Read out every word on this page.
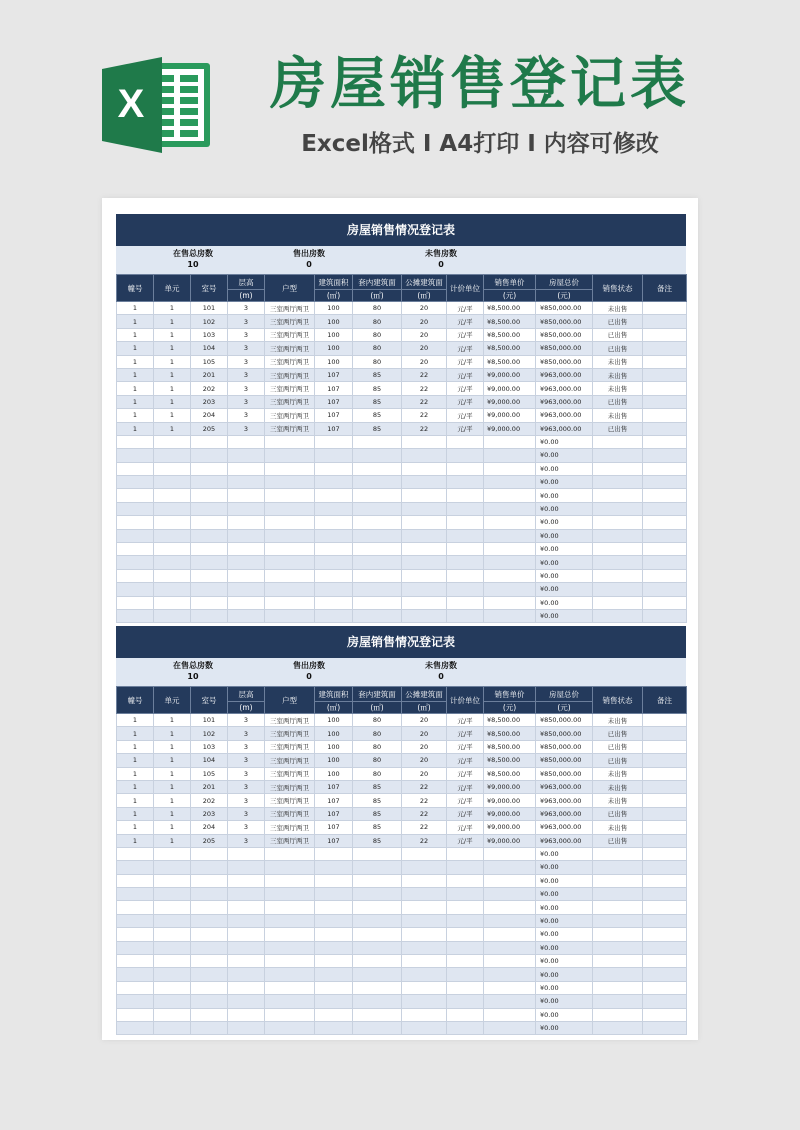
X	房屋销售登记表
Excel格式 Ⅰ A4打印 Ⅰ 内容可修改
房屋销售情况登记表
在售总房数
10
售出房数
0
未售房数
0
幢号	单元	室号	层高	户型	建筑面积	套内建筑面	公摊建筑面	计价单位	销售单价	房屋总价	销售状态	备注
			(m)		(㎡)	(㎡)	(㎡)		(元)	(元)		
1	1	101	3	三室两厅两卫	100	80	20	元/平	¥8,500.00	¥850,000.00	未出售	
1	1	102	3	三室两厅两卫	100	80	20	元/平	¥8,500.00	¥850,000.00	已出售	
1	1	103	3	三室两厅两卫	100	80	20	元/平	¥8,500.00	¥850,000.00	已出售	
1	1	104	3	三室两厅两卫	100	80	20	元/平	¥8,500.00	¥850,000.00	已出售	
1	1	105	3	三室两厅两卫	100	80	20	元/平	¥8,500.00	¥850,000.00	未出售	
1	1	201	3	三室两厅两卫	107	85	22	元/平	¥9,000.00	¥963,000.00	未出售	
1	1	202	3	三室两厅两卫	107	85	22	元/平	¥9,000.00	¥963,000.00	未出售	
1	1	203	3	三室两厅两卫	107	85	22	元/平	¥9,000.00	¥963,000.00	已出售	
1	1	204	3	三室两厅两卫	107	85	22	元/平	¥9,000.00	¥963,000.00	未出售	
1	1	205	3	三室两厅两卫	107	85	22	元/平	¥9,000.00	¥963,000.00	已出售	
										¥0.00		
										¥0.00		
										¥0.00		
										¥0.00		
										¥0.00		
										¥0.00		
										¥0.00		
										¥0.00		
										¥0.00		
										¥0.00		
										¥0.00		
										¥0.00		
										¥0.00		
										¥0.00		
房屋销售情况登记表
在售总房数
10
售出房数
0
未售房数
0
幢号	单元	室号	层高	户型	建筑面积	套内建筑面	公摊建筑面	计价单位	销售单价	房屋总价	销售状态	备注
			(m)		(㎡)	(㎡)	(㎡)		(元)	(元)		
1	1	101	3	三室两厅两卫	100	80	20	元/平	¥8,500.00	¥850,000.00	未出售	
1	1	102	3	三室两厅两卫	100	80	20	元/平	¥8,500.00	¥850,000.00	已出售	
1	1	103	3	三室两厅两卫	100	80	20	元/平	¥8,500.00	¥850,000.00	已出售	
1	1	104	3	三室两厅两卫	100	80	20	元/平	¥8,500.00	¥850,000.00	已出售	
1	1	105	3	三室两厅两卫	100	80	20	元/平	¥8,500.00	¥850,000.00	未出售	
1	1	201	3	三室两厅两卫	107	85	22	元/平	¥9,000.00	¥963,000.00	未出售	
1	1	202	3	三室两厅两卫	107	85	22	元/平	¥9,000.00	¥963,000.00	未出售	
1	1	203	3	三室两厅两卫	107	85	22	元/平	¥9,000.00	¥963,000.00	已出售	
1	1	204	3	三室两厅两卫	107	85	22	元/平	¥9,000.00	¥963,000.00	未出售	
1	1	205	3	三室两厅两卫	107	85	22	元/平	¥9,000.00	¥963,000.00	已出售	
										¥0.00		
										¥0.00		
										¥0.00		
										¥0.00		
										¥0.00		
										¥0.00		
										¥0.00		
										¥0.00		
										¥0.00		
										¥0.00		
										¥0.00		
										¥0.00		
										¥0.00		
										¥0.00		
